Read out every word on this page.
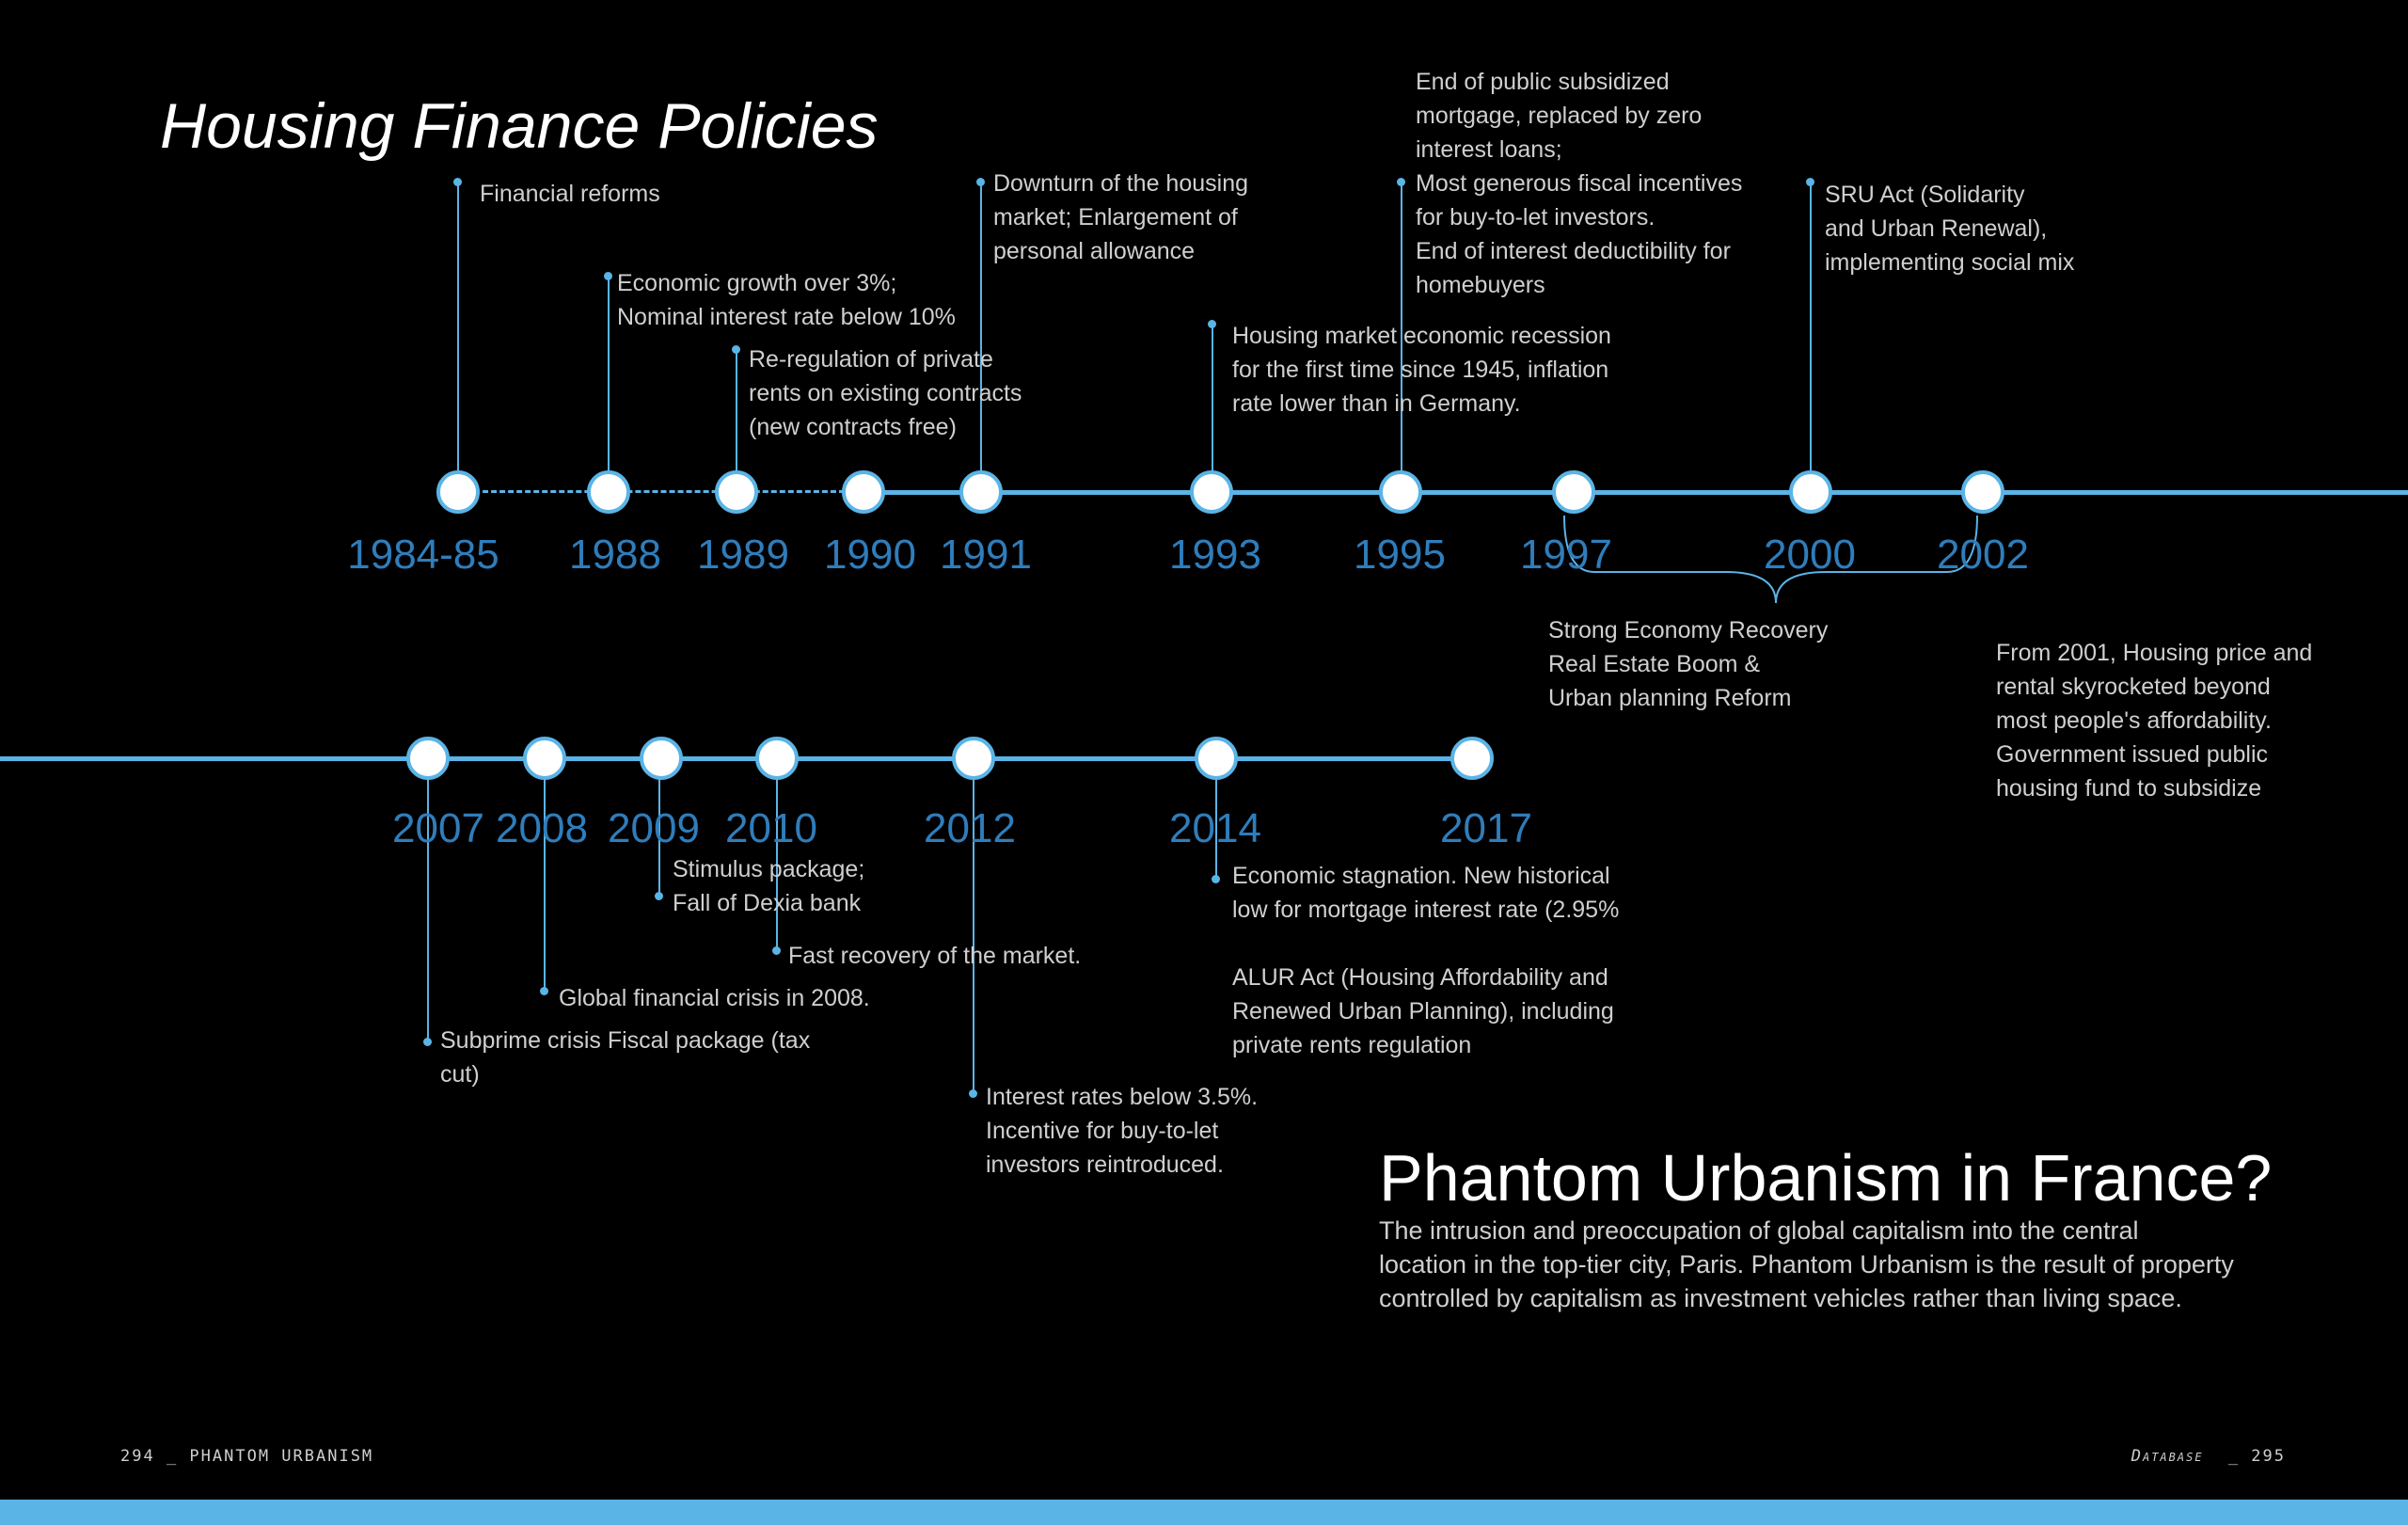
Housing Finance Policies
1984-85 1988 1989 1990 1991	1993 1995 1997	2000 2002
Financial reforms
Economic growth over 3%;
Nominal interest rate below 10%
Re-regulation of private
rents on existing contracts
(new contracts free)
Downturn of the housing
market; Enlargement of
personal allowance
Housing market economic recession
for the first time since 1945, inflation
rate lower than in Germany.
End of public subsidized
mortgage, replaced by zero
interest loans;
Most generous fiscal incentives
for buy-to-let investors.
End of interest deductibility for
homebuyers
SRU Act (Solidarity
and Urban Renewal),
implementing social mix
Strong Economy Recovery
Real Estate Boom &
Urban planning Reform
From 2001, Housing price and
rental skyrocketed beyond
most people's affordability.
Government issued public
housing fund to subsidize
2007 2008 2009 2010	2012	2014	2017
Subprime crisis Fiscal package (tax
cut)
Global financial crisis in 2008.
Stimulus package;
Fall of Dexia bank
Fast recovery of the market.
Interest rates below 3.5%.
Incentive for buy-to-let
investors reintroduced.
Economic stagnation. New historical
low for mortgage interest rate (2.95%

ALUR Act (Housing Affordability and
Renewed Urban Planning), including
private rents regulation
Phantom Urbanism in France?
The intrusion and preoccupation of global capitalism into the central
location in the top-tier city, Paris. Phantom Urbanism is the result of property
controlled by capitalism as investment vehicles rather than living space.
294 _ PHANTOM URBANISM	Database _ 295
